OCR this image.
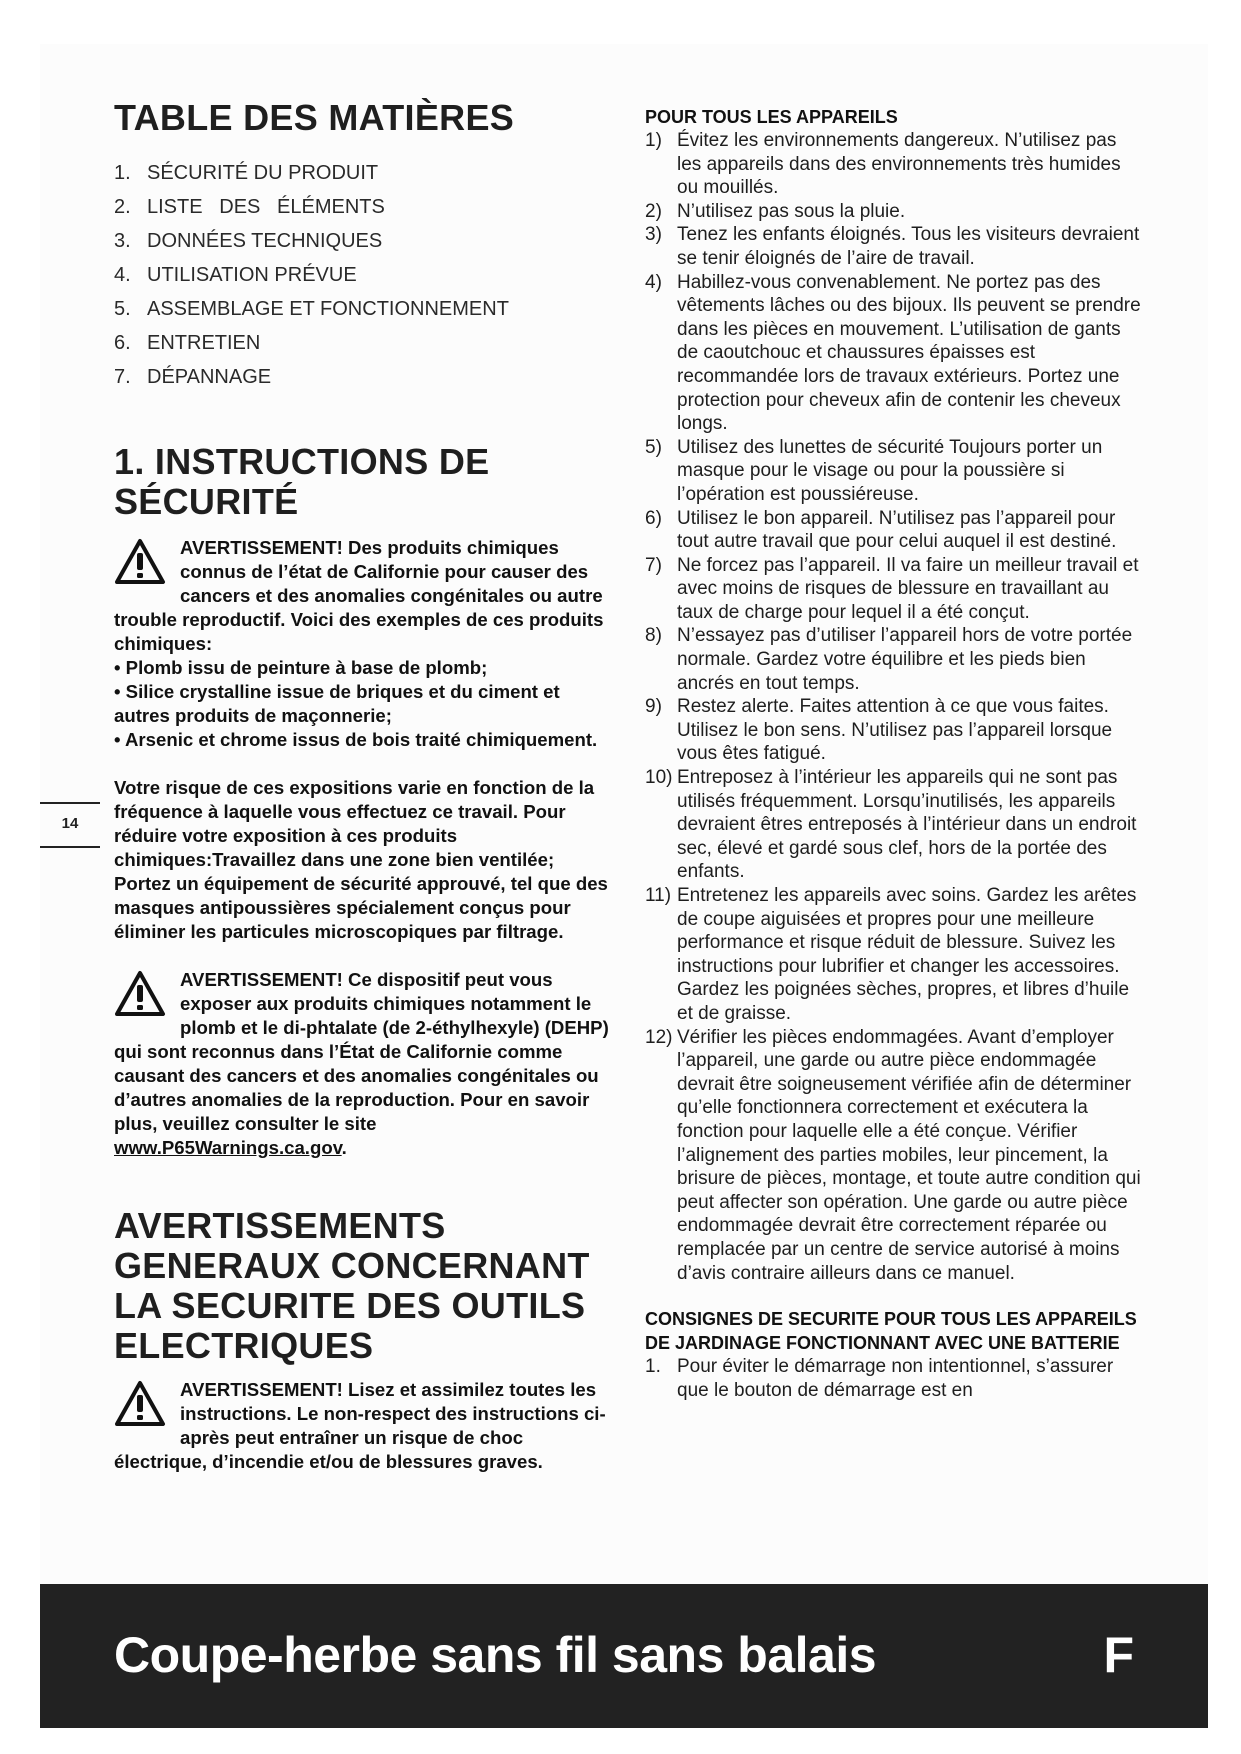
TABLE DES MATIÈRES
1. SÉCURITÉ DU PRODUIT
2. LISTE   DES   ÉLÉMENTS
3. DONNÉES TECHNIQUES
4. UTILISATION PRÉVUE
5. ASSEMBLAGE ET FONCTIONNEMENT
6. ENTRETIEN
7. DÉPANNAGE
1. INSTRUCTIONS DE
SÉCURITÉ

AVERTISSEMENT! Des produits chimiques connus de l’état de Californie pour causer des cancers et des anomalies congénitales ou autre trouble reproductif. Voici des exemples de ces produits chimiques:

• Plomb issu de peinture à base de plomb;

• Silice crystalline issue de briques et du ciment et autres produits de maçonnerie;

• Arsenic et chrome issus de bois traité chimiquement.

Votre risque de ces expositions varie en fonction de la fréquence à laquelle vous effectuez ce travail. Pour réduire votre exposition à ces produits chimiques:Travaillez dans une zone bien ventilée; Portez un équipement de sécurité approuvé, tel que des masques antipoussières spécialement conçus pour éliminer les particules microscopiques par filtrage.

AVERTISSEMENT! Ce dispositif peut vous exposer aux produits chimiques notamment le plomb et le di-phtalate (de 2-éthylhexyle) (DEHP) qui sont reconnus dans l’État de Californie comme causant des cancers et des anomalies congénitales ou d’autres anomalies de la reproduction. Pour en savoir plus, veuillez consulter le site www.P65Warnings.ca.gov.

AVERTISSEMENTS
GENERAUX CONCERNANT
LA SECURITE DES OUTILS
ELECTRIQUES

AVERTISSEMENT! Lisez et assimilez toutes les instructions. Le non-respect des instructions ci-après peut entraîner un risque de choc électrique, d’incendie et/ou de blessures graves.

14

POUR TOUS LES APPAREILS

1) Évitez les environnements dangereux. N’utilisez pas les appareils dans des environnements très humides ou mouillés.
2) N’utilisez pas sous la pluie.
3) Tenez les enfants éloignés. Tous les visiteurs devraient se tenir éloignés de l’aire de travail.
4) Habillez-vous convenablement. Ne portez pas des vêtements lâches ou des bijoux. Ils peuvent se prendre dans les pièces en mouvement. L’utilisation de gants de caoutchouc et chaussures épaisses est recommandée lors de travaux extérieurs. Portez une protection pour cheveux afin de contenir les cheveux longs.
5) Utilisez des lunettes de sécurité Toujours porter un masque pour le visage ou pour la poussière si l’opération est poussiéreuse.
6) Utilisez le bon appareil. N’utilisez pas l’appareil pour tout autre travail que pour celui auquel il est destiné.
7) Ne forcez pas l’appareil. Il va faire un meilleur travail et avec moins de risques de blessure en travaillant au taux de charge pour lequel il a été conçut.
8) N’essayez pas d’utiliser l’appareil hors de votre portée normale. Gardez votre équilibre et les pieds bien ancrés en tout temps.
9) Restez alerte. Faites attention à ce que vous faites. Utilisez le bon sens. N’utilisez pas l’appareil lorsque vous êtes fatigué.
10) Entreposez à l’intérieur les appareils qui ne sont pas utilisés fréquemment. Lorsqu’inutilisés, les appareils devraient êtres entreposés à l’intérieur dans un endroit sec, élevé et gardé sous clef, hors de la portée des enfants.
11) Entretenez les appareils avec soins. Gardez les arêtes de coupe aiguisées et propres pour une meilleure performance et risque réduit de blessure. Suivez les instructions pour lubrifier et changer les accessoires. Gardez les poignées sèches, propres, et libres d’huile et de graisse.
12) Vérifier les pièces endommagées. Avant d’employer l’appareil, une garde ou autre pièce endommagée devrait être soigneusement vérifiée afin de déterminer qu’elle fonctionnera correctement et exécutera la fonction pour laquelle elle a été conçue. Vérifier l’alignement des parties mobiles, leur pincement, la brisure de pièces, montage, et toute autre condition qui peut affecter son opération. Une garde ou autre pièce endommagée devrait être correctement réparée ou remplacée par un centre de service autorisé à moins d’avis contraire ailleurs dans ce manuel.

CONSIGNES DE SECURITE POUR TOUS LES APPAREILS DE JARDINAGE FONCTIONNANT AVEC UNE BATTERIE

1. Pour éviter le démarrage non intentionnel, s’assurer que le bouton de démarrage est en
Coupe-herbe sans fil sans balais	F
